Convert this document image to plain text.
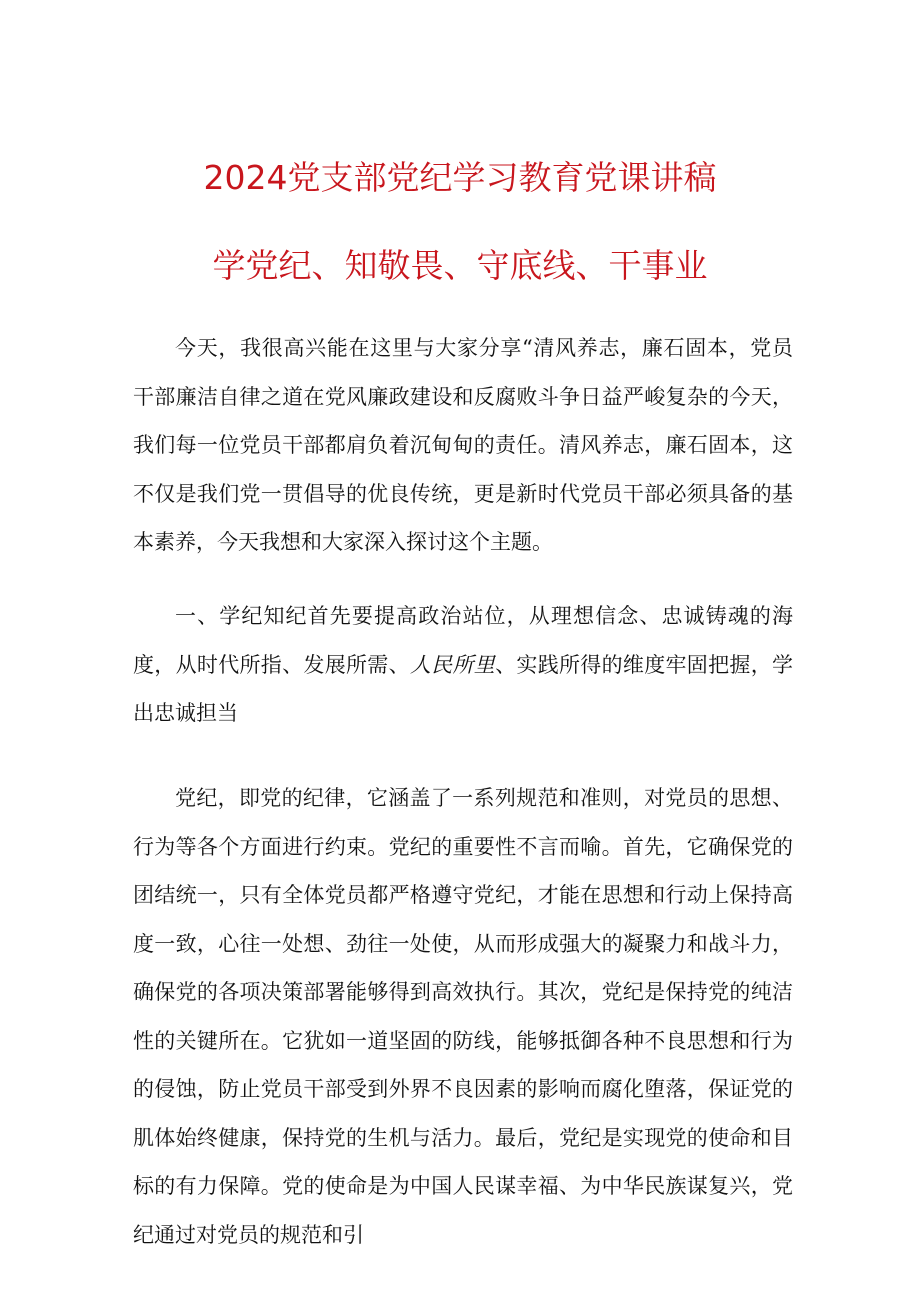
2024党支部党纪学习教育党课讲稿
学党纪、知敬畏、守底线、干事业

今天，我很高兴能在这里与大家分享“清风养志，廉石固本，党员干部廉洁自律之道在党风廉政建设和反腐败斗争日益严峻复杂的今天，我们每一位党员干部都肩负着沉甸甸的责任。清风养志，廉石固本，这不仅是我们党一贯倡导的优良传统，更是新时代党员干部必须具备的基本素养，今天我想和大家深入探讨这个主题。

一、学纪知纪首先要提高政治站位，从理想信念、忠诚铸魂的海度，从时代所指、发展所需、人民所里、实践所得的维度牢固把握，学出忠诚担当

党纪，即党的纪律，它涵盖了一系列规范和准则，对党员的思想、行为等各个方面进行约束。党纪的重要性不言而喻。首先，它确保党的团结统一，只有全体党员都严格遵守党纪，才能在思想和行动上保持高度一致，心往一处想、劲往一处使，从而形成强大的凝聚力和战斗力，确保党的各项决策部署能够得到高效执行。其次，党纪是保持党的纯洁性的关键所在。它犹如一道坚固的防线，能够抵御各种不良思想和行为的侵蚀，防止党员干部受到外界不良因素的影响而腐化堕落，保证党的肌体始终健康，保持党的生机与活力。最后，党纪是实现党的使命和目标的有力保障。党的使命是为中国人民谋幸福、为中华民族谋复兴，党纪通过对党员的规范和引
